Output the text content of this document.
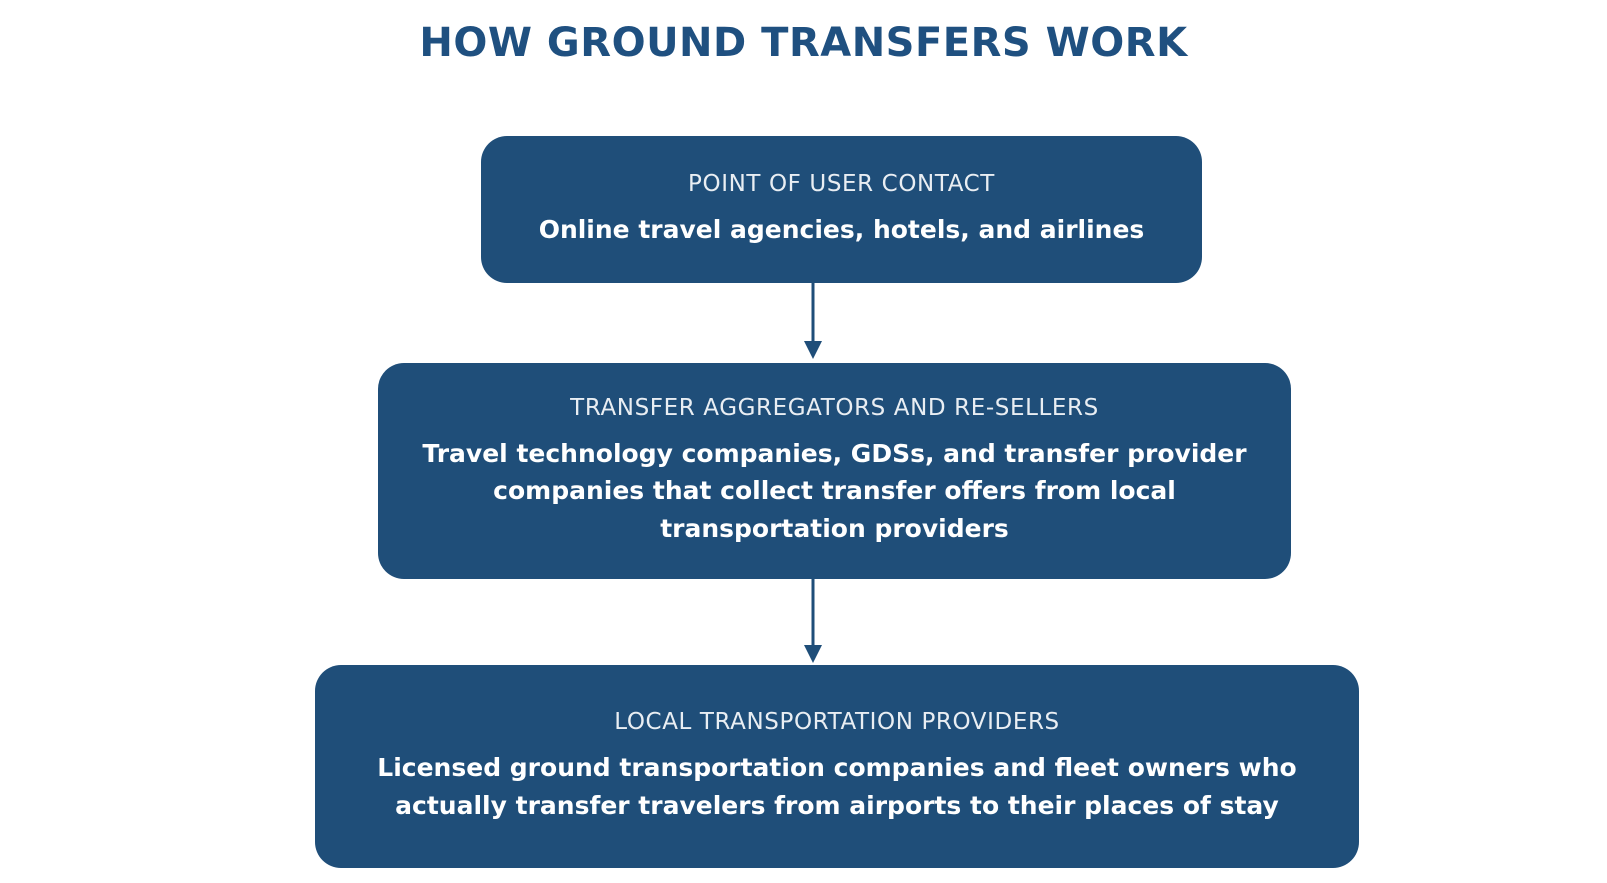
HOW GROUND TRANSFERS WORK
POINT OF USER CONTACT
Online travel agencies, hotels, and airlines
TRANSFER AGGREGATORS AND RE-SELLERS
Travel technology companies, GDSs, and transfer provider companies that collect transfer offers from local transportation providers
LOCAL TRANSPORTATION PROVIDERS
Licensed ground transportation companies and fleet owners who actually transfer travelers from airports to their places of stay
